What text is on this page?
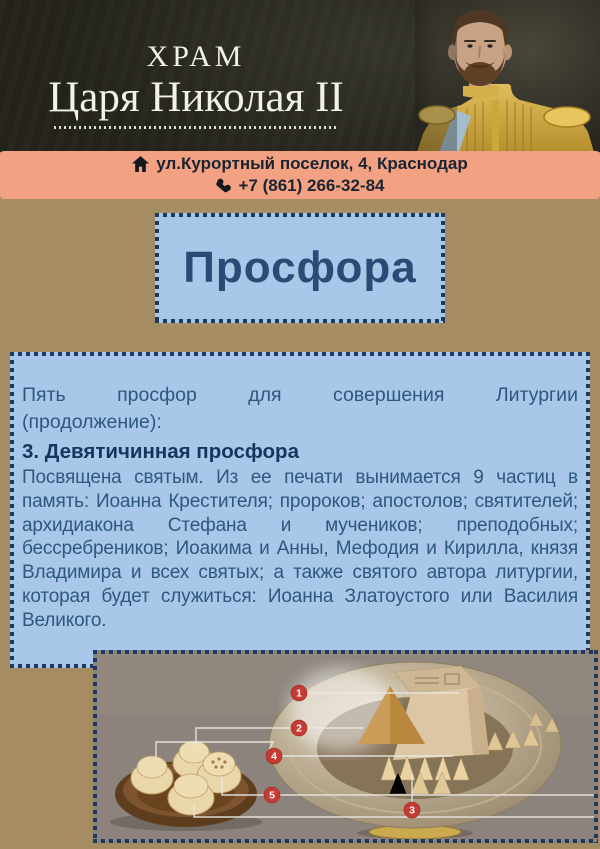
ХРАМ
Царя Николая II
ул.Курортный поселок, 4, Краснодар
+7 (861) 266-32-84
Просфора
Пять	просфор	для	совершения	Литургии
(продолжение):
3. Девятичинная просфора
Посвящена святым. Из ее печати вынимается 9 частиц в память: Иоанна Крестителя; пророков; апостолов; святителей; архидиакона Стефана и мучеников; преподобных; бессребреников; Иоакима и Анны, Мефодия и Кирилла, князя Владимира и всех святых; а также святого автора литургии, которая будет служиться: Иоанна Златоустого или Василия Великого.
1
2
4
5
3
